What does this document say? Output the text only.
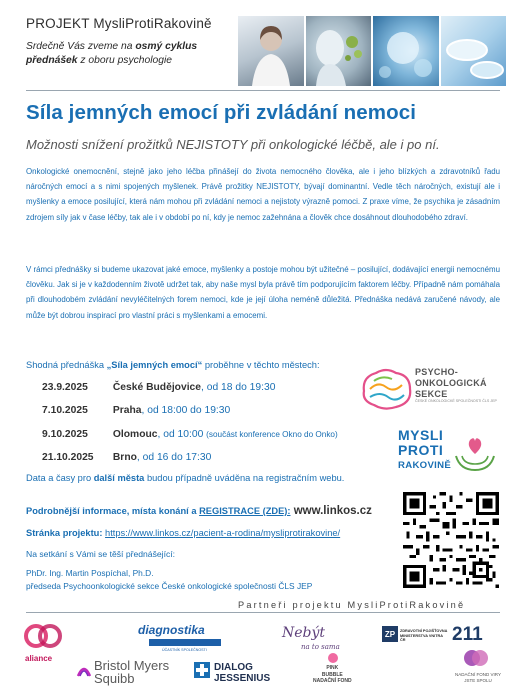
PROJEKT MysliProtiRakovině
Srdečně Vás zveme na osmý cyklus přednášek z oboru psychologie
Síla jemných emocí při zvládání nemoci
Možnosti snížení prožitků NEJISTOTY při onkologické léčbě, ale i po ní.
Onkologické onemocnění, stejně jako jeho léčba přinášejí do života nemocného člověka, ale i jeho blízkých a zdravotníků řadu náročných emocí a s nimi spojených myšlenek. Právě prožitky NEJISTOTY, bývají dominantní. Vedle těch náročných, existují ale i myšlenky a emoce posilující, která nám mohou při zvládání nemoci a nejistoty výrazně pomoci. Z praxe víme, že psychika je zásadním zdrojem síly jak v čase léčby, tak ale i v období po ní, kdy je nemoc zažehnána a člověk chce dosáhnout dlouhodobého zdraví.
V rámci přednášky si budeme ukazovat jaké emoce, myšlenky a postoje mohou být užitečné – posilující, dodávající energii nemocnému člověku. Jak si je v každodenním životě udržet tak, aby naše mysl byla právě tím podporujícím faktorem léčby. Případně nám pomáhala při dlouhodobém zvládání nevyléčitelných forem nemoci, kde je její úloha neméně důležitá. Přednáška nedává zaručené návody, ale může být dobrou inspirací pro vlastní práci s myšlenkami a emocemi.
Shodná přednáška „Síla jemných emocí“ proběhne v těchto městech:
23.9.2025 České Budějovice, od 18 do 19:30
7.10.2025 Praha, od 18:00 do 19:30
9.10.2025 Olomouc, od 10:00 (součást konference Okno do Onko)
21.10.2025 Brno, od 16 do 17:30
Data a časy pro další města budou případně uváděna na registračním webu.
Podrobnější informace, místa konání a REGISTRACE (ZDE): www.linkos.cz
Stránka projektu: https://www.linkos.cz/pacient-a-rodina/mysliprotirakovine/
Na setkání s Vámi se těší přednášející:
PhDr. Ing. Martin Pospíchal, Ph.D.
předseda Psychoonkologické sekce České onkologické společnosti ČLS JEP
PSYCHO-
ONKOLOGICKÁ
SEKCE
ČESKÉ ONKOLOGICKÉ SPOLEČNOSTI ČLS JEP
MYSLI
PROTI
RAKOVINĚ
Partneři projektu MysliProtiRakovině
aliance	Bristol Myers
Squibb
diagnostika
ÚČASTNÍK SPOLEČNOSTI
DIALOG
JESSENIUS
Nebýt
na to sama
PINK
BUBBLE
NADAČNÍ FOND
ZP ZDRAVOTNÍ POJIŠŤOVNA MINISTERSTVA VNITRA ČR	211
NADAČNÍ FOND VIRY
JSTE SPOLU
